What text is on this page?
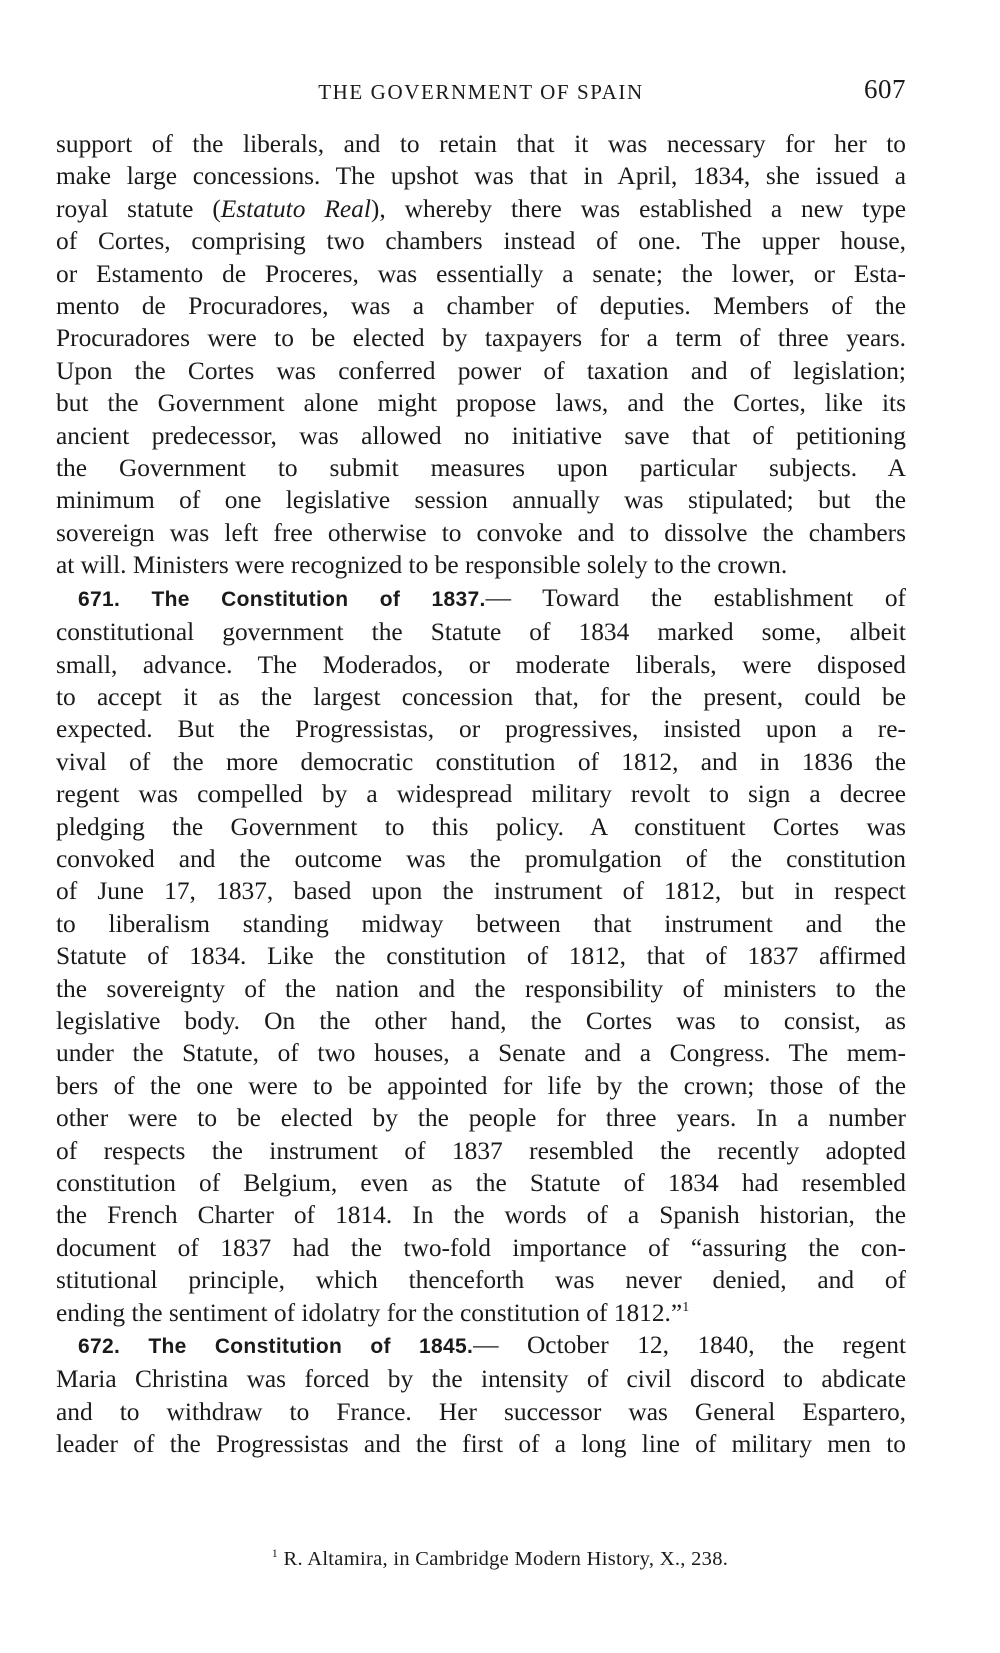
THE GOVERNMENT OF SPAIN	607
support of the liberals, and to retain that it was necessary for her to
make large concessions. The upshot was that in April, 1834, she issued a
royal statute (Estatuto Real), whereby there was established a new type
of Cortes, comprising two chambers instead of one. The upper house,
or Estamento de Proceres, was essentially a senate; the lower, or Esta-
mento de Procuradores, was a chamber of deputies. Members of the
Procuradores were to be elected by taxpayers for a term of three years.
Upon the Cortes was conferred power of taxation and of legislation;
but the Government alone might propose laws, and the Cortes, like its
ancient predecessor, was allowed no initiative save that of petitioning
the Government to submit measures upon particular subjects. A
minimum of one legislative session annually was stipulated; but the
sovereign was left free otherwise to convoke and to dissolve the chambers
at will. Ministers were recognized to be responsible solely to the crown.
671. The Constitution of 1837.— Toward the establishment of
constitutional government the Statute of 1834 marked some, albeit
small, advance. The Moderados, or moderate liberals, were disposed
to accept it as the largest concession that, for the present, could be
expected. But the Progressistas, or progressives, insisted upon a re-
vival of the more democratic constitution of 1812, and in 1836 the
regent was compelled by a widespread military revolt to sign a decree
pledging the Government to this policy. A constituent Cortes was
convoked and the outcome was the promulgation of the constitution
of June 17, 1837, based upon the instrument of 1812, but in respect
to liberalism standing midway between that instrument and the
Statute of 1834. Like the constitution of 1812, that of 1837 affirmed
the sovereignty of the nation and the responsibility of ministers to the
legislative body. On the other hand, the Cortes was to consist, as
under the Statute, of two houses, a Senate and a Congress. The mem-
bers of the one were to be appointed for life by the crown; those of the
other were to be elected by the people for three years. In a number
of respects the instrument of 1837 resembled the recently adopted
constitution of Belgium, even as the Statute of 1834 had resembled
the French Charter of 1814. In the words of a Spanish historian, the
document of 1837 had the two-fold importance of “assuring the con-
stitutional principle, which thenceforth was never denied, and of
ending the sentiment of idolatry for the constitution of 1812.”$^1$
672. The Constitution of 1845.— October 12, 1840, the regent
Maria Christina was forced by the intensity of civil discord to abdicate
and to withdraw to France. Her successor was General Espartero,
leader of the Progressistas and the first of a long line of military men to
$^1$ R. Altamira, in Cambridge Modern History, X., 238.
